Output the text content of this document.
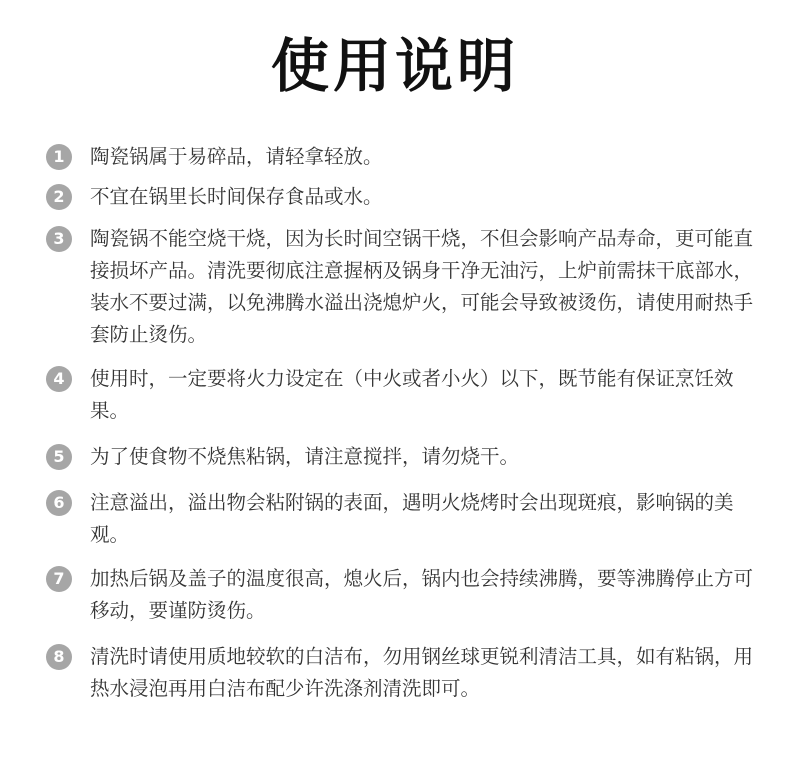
使用说明
1	陶瓷锅属于易碎品，请轻拿轻放。
2	不宜在锅里长时间保存食品或水。
3	陶瓷锅不能空烧干烧，因为长时间空锅干烧，不但会影响产品寿命，更可能直接损坏产品。清洗要彻底注意握柄及锅身干净无油污，上炉前需抹干底部水，装水不要过满，以免沸腾水溢出浇熄炉火，可能会导致被烫伤，请使用耐热手套防止烫伤。
4	使用时，一定要将火力设定在（中火或者小火）以下，既节能有保证烹饪效果。
5	为了使食物不烧焦粘锅，请注意搅拌，请勿烧干。
6	注意溢出，溢出物会粘附锅的表面，遇明火烧烤时会出现斑痕，影响锅的美观。
7	加热后锅及盖子的温度很高，熄火后，锅内也会持续沸腾，要等沸腾停止方可移动，要谨防烫伤。
8	清洗时请使用质地较软的白洁布，勿用钢丝球更锐利清洁工具，如有粘锅，用热水浸泡再用白洁布配少许洗涤剂清洗即可。
